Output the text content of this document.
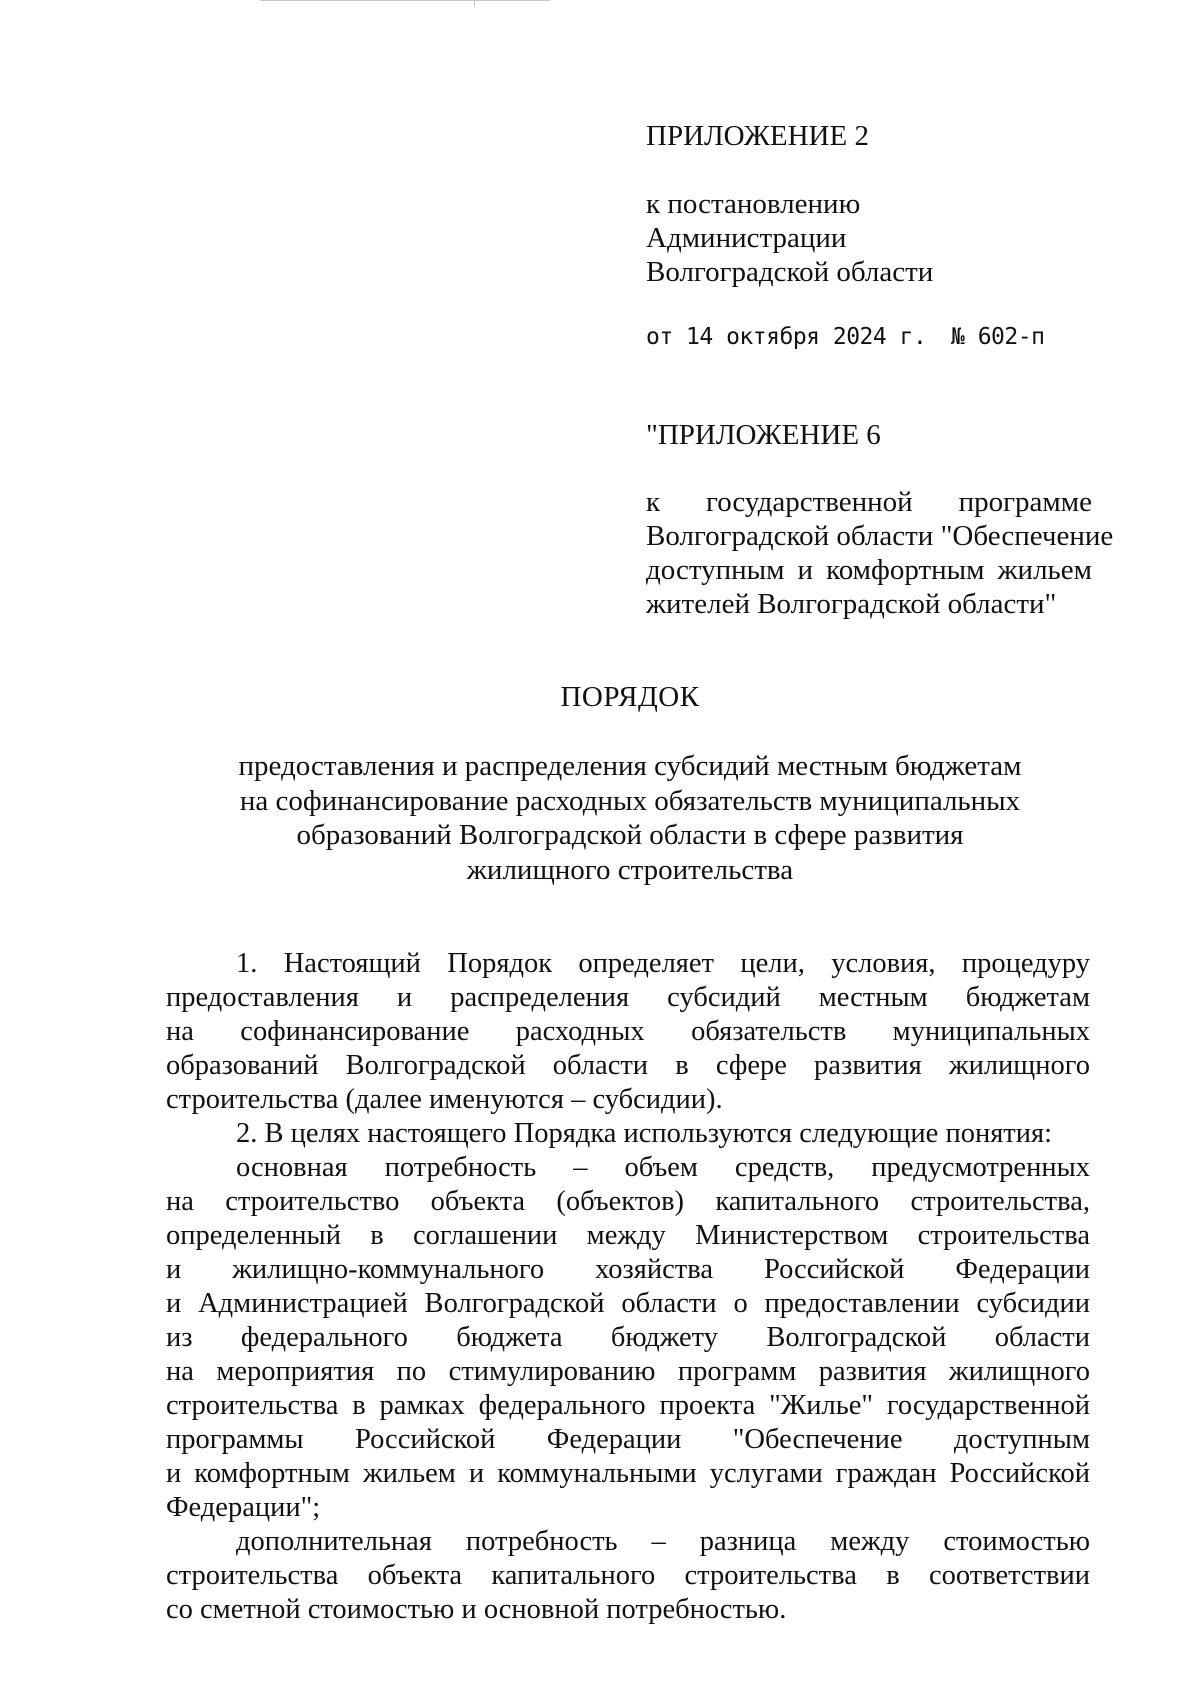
ПРИЛОЖЕНИЕ 2
к постановлению
Администрации
Волгоградской области
от 14 октября 2024 г. № 602-п
"ПРИЛОЖЕНИЕ 6
к государственной программе
Волгоградской области "Обеспечение
доступным и комфортным жильем
жителей Волгоградской области"
ПОРЯДОК
предоставления и распределения субсидий местным бюджетам
на софинансирование расходных обязательств муниципальных
образований Волгоградской области в сфере развития
жилищного строительства
1. Настоящий Порядок определяет цели, условия, процедуру
предоставления и распределения субсидий местным бюджетам
на софинансирование расходных обязательств муниципальных
образований Волгоградской области в сфере развития жилищного
строительства (далее именуются – субсидии).
2. В целях настоящего Порядка используются следующие понятия:
основная потребность – объем средств, предусмотренных
на строительство объекта (объектов) капитального строительства,
определенный в соглашении между Министерством строительства
и жилищно-коммунального хозяйства Российской Федерации
и Администрацией Волгоградской области о предоставлении субсидии
из федерального бюджета бюджету Волгоградской области
на мероприятия по стимулированию программ развития жилищного
строительства в рамках федерального проекта "Жилье" государственной
программы Российской Федерации "Обеспечение доступным
и комфортным жильем и коммунальными услугами граждан Российской
Федерации";
дополнительная потребность – разница между стоимостью
строительства объекта капитального строительства в соответствии
со сметной стоимостью и основной потребностью.
